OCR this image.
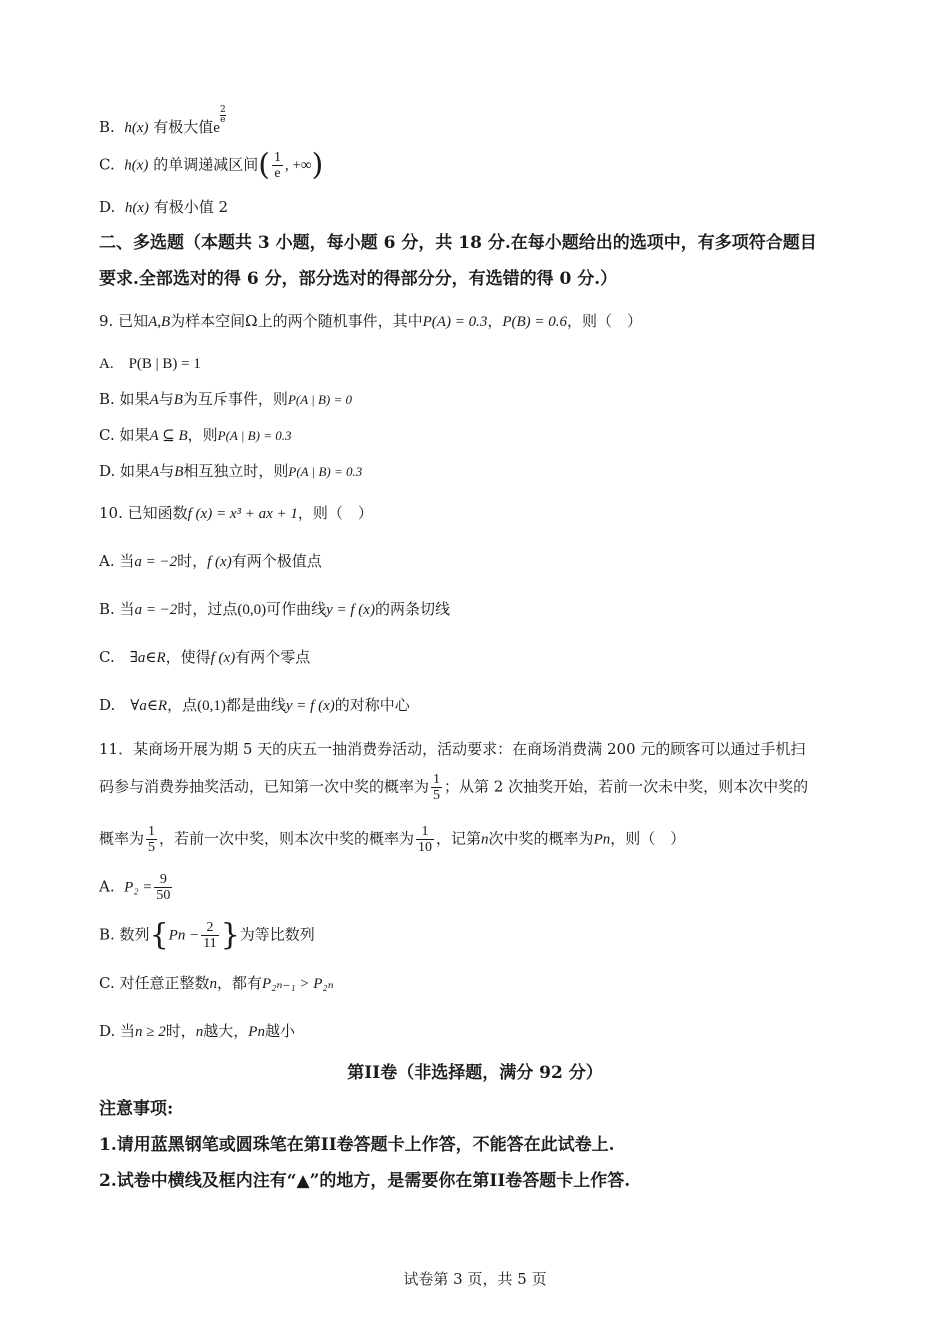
B. h(x) 有极大值e
$\frac{2}{e}$
C. h(x) 的单调递减区间( $\frac{1}{e}$ , +∞)
D. h(x) 有极小值 2
二、多选题（本题共 3 小题，每小题 6 分，共 18 分.在每小题给出的选项中，有多项符合题目
要求.全部选对的得 6 分，部分选对的得部分分，有选错的得 0 分.）
9. 已知A,B为样本空间Ω上的两个随机事件，其中P(A) = 0.3，P(B) = 0.6，则（　）
A.　P(B | B) = 1
B. 如果A与B为互斥事件，则P(A | B) = 0
C. 如果A ⊆ B，则P(A | B) = 0.3
D. 如果A与B相互独立时，则P(A | B) = 0.3
10. 已知函数f (x) = x³ + ax + 1，则（　）
A. 当a = −2时，f (x)有两个极值点
B. 当a = −2时，过点(0,0)可作曲线y = f (x)的两条切线
C.　∃a∈R，使得f (x)有两个零点
D.　∀a∈R，点(0,1)都是曲线y = f (x)的对称中心
11．某商场开展为期 5 天的庆五一抽消费券活动，活动要求：在商场消费满 200 元的顾客可以通过手机扫
码参与消费券抽奖活动，已知第一次中奖的概率为 $\frac{1}{5}$ ；从第 2 次抽奖开始，若前一次未中奖，则本次中奖的
概率为 $\frac{1}{5}$ ，若前一次中奖，则本次中奖的概率为 $\frac{1}{10}$ ，记第n次中奖的概率为Pn，则（　）
A. $P_2 = \frac{9}{50}$
B. 数列{$Pn - \frac{2}{11}$ }为等比数列
C. 对任意正整数n，都有P₂ₙ₋₁ > P₂ₙ
D. 当n ≥ 2时，n越大，Pn越小
第II卷（非选择题，满分 92 分）
注意事项:
1.请用蓝黑钢笔或圆珠笔在第II卷答题卡上作答，不能答在此试卷上.
2.试卷中横线及框内注有“▲”的地方，是需要你在第II卷答题卡上作答.
试卷第 3 页，共 5 页
